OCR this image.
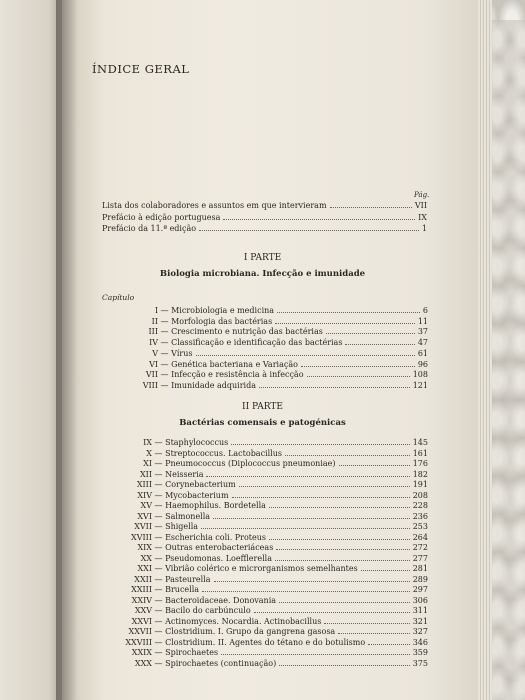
ÍNDICE GERAL
Pág.
Lista dos colaboradores e assuntos em que intervieram	VII
Prefácio à edição portuguesa	IX
Prefácio da 11.ª edição	1
I PARTE
Biologia microbiana. Infecção e imunidade
Capítulo
I — Microbiologia e medicina	6
II — Morfologia das bactérias	11
III — Crescimento e nutrição das bactérias	37
IV — Classificação e identificação das bactérias	47
V — Vírus	61
VI — Genética bacteriana e Variação	96
VII — Infecção e resistência à infecção	108
VIII — Imunidade adquirida	121
II PARTE
Bactérias comensais e patogénicas
IX — Staphylococcus	145
X — Streptococcus. Lactobacillus	161
XI — Pneumococcus (Diplococcus pneumoniae)	176
XII — Neisseria	182
XIII — Corynebacterium	191
XIV — Mycobacterium	208
XV — Haemophilus. Bordetella	228
XVI — Salmonella	236
XVII — Shigella	253
XVIII — Escherichia coli. Proteus	264
XIX — Outras enterobacteriáceas	272
XX — Pseudomonas. Loefflerella	277
XXI — Vibrião colérico e microrganismos semelhantes	281
XXII — Pasteurella	289
XXIII — Brucella	297
XXIV — Bacteroidaceae. Donovania	306
XXV — Bacilo do carbúnculo	311
XXVI — Actinomyces. Nocardia. Actinobacillus	321
XXVII — Clostridium. I. Grupo da gangrena gasosa	327
XXVIII — Clostridium. II. Agentes do tétano e do botulismo	346
XXIX — Spirochaetes	359
XXX — Spirochaetes (continuação)	375
